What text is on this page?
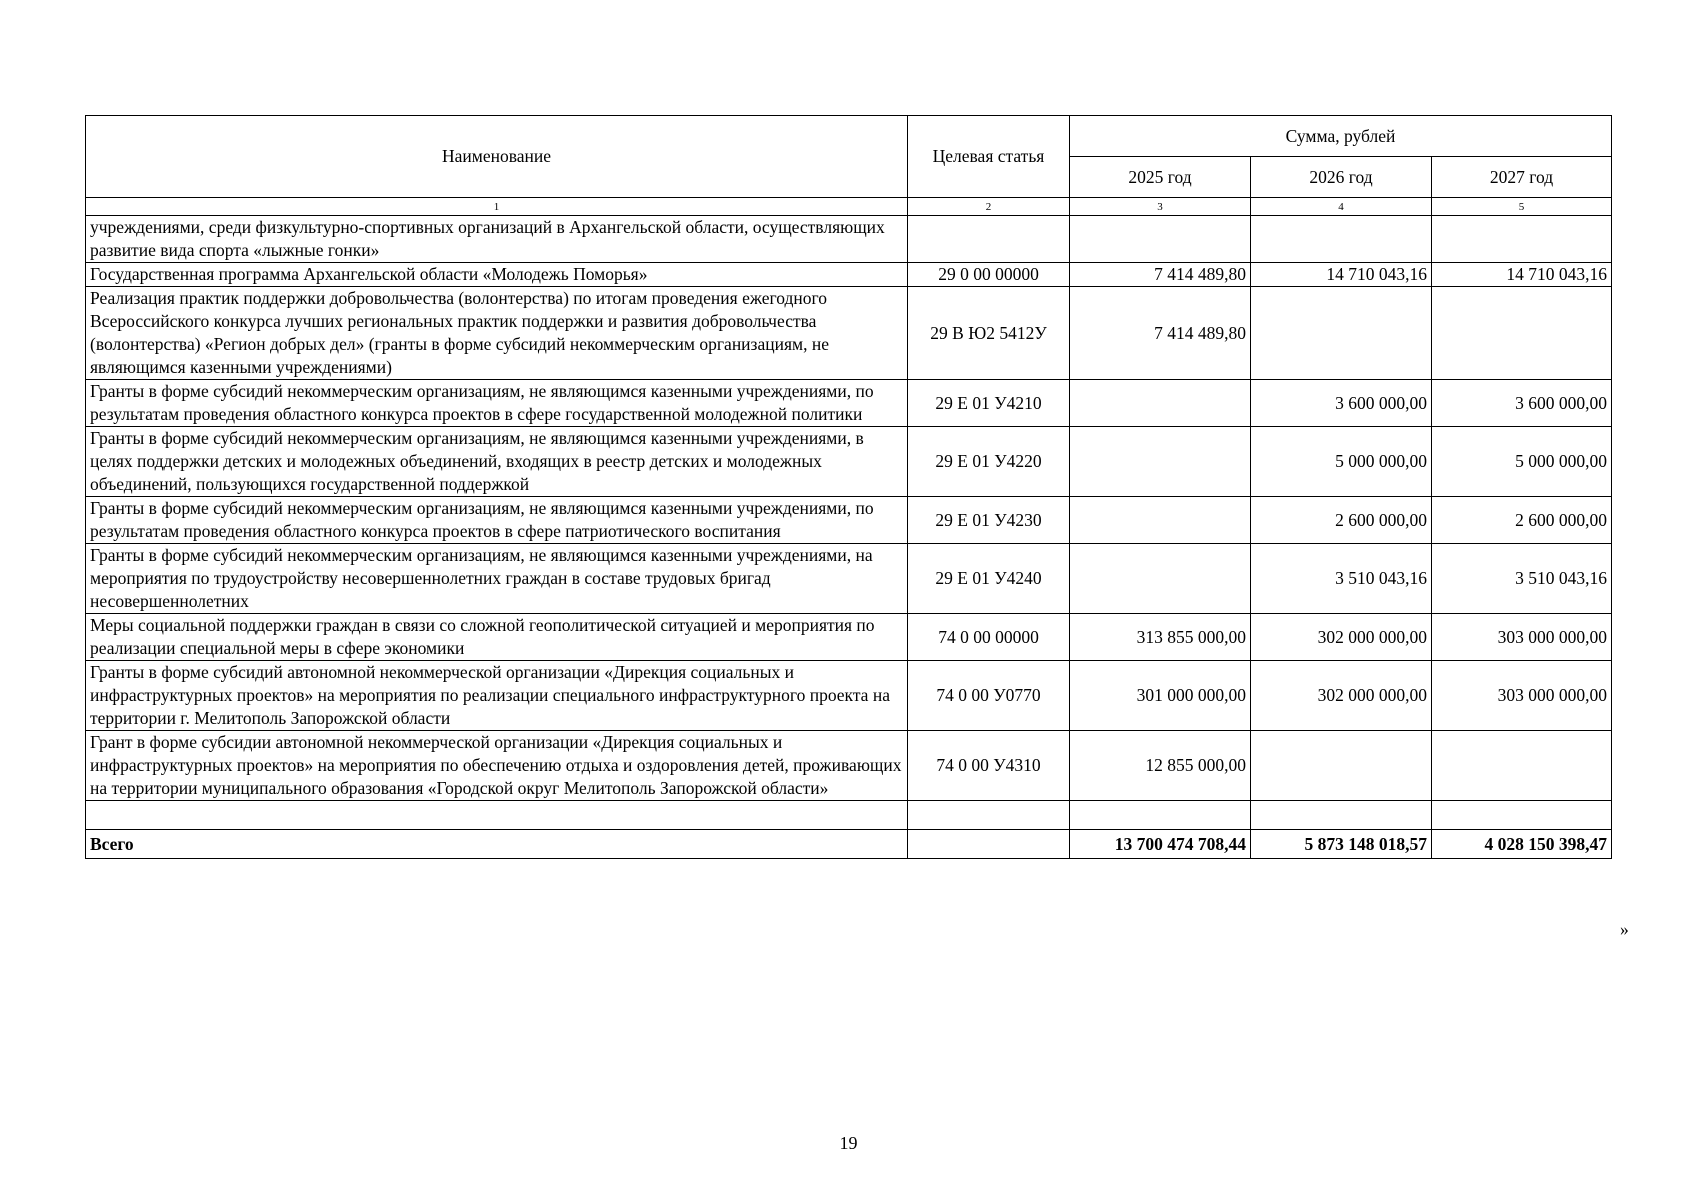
Наименование	Целевая статья	Сумма, рублей		
		2025 год	2026 год	2027 год
1	2	3	4	5
учреждениями, среди физкультурно-спортивных организаций в Архангельской области, осуществляющих развитие вида спорта «лыжные гонки»				
Государственная программа Архангельской области «Молодежь Поморья»	29 0 00 00000	7 414 489,80	14 710 043,16	14 710 043,16
Реализация практик поддержки добровольчества (волонтерства) по итогам проведения ежегодного Всероссийского конкурса лучших региональных практик поддержки и развития добровольчества (волонтерства) «Регион добрых дел» (гранты в форме субсидий некоммерческим организациям, не являющимся казенными учреждениями)	29 В Ю2 5412У	7 414 489,80		
Гранты в форме субсидий некоммерческим организациям, не являющимся казенными учреждениями, по результатам проведения областного конкурса проектов в сфере государственной молодежной политики	29 Е 01 У4210		3 600 000,00	3 600 000,00
Гранты в форме субсидий некоммерческим организациям, не являющимся казенными учреждениями, в целях поддержки детских и молодежных объединений, входящих в реестр детских и молодежных объединений, пользующихся государственной поддержкой	29 Е 01 У4220		5 000 000,00	5 000 000,00
Гранты в форме субсидий некоммерческим организациям, не являющимся казенными учреждениями, по результатам проведения областного конкурса проектов в сфере патриотического воспитания	29 Е 01 У4230		2 600 000,00	2 600 000,00
Гранты в форме субсидий некоммерческим организациям, не являющимся казенными учреждениями, на мероприятия по трудоустройству несовершеннолетних граждан в составе трудовых бригад несовершеннолетних	29 Е 01 У4240		3 510 043,16	3 510 043,16
Меры социальной поддержки граждан в связи со сложной геополитической ситуацией и мероприятия по реализации специальной меры в сфере экономики	74 0 00 00000	313 855 000,00	302 000 000,00	303 000 000,00
Гранты в форме субсидий автономной некоммерческой организации «Дирекция социальных и инфраструктурных проектов» на мероприятия по реализации специального инфраструктурного проекта на территории г. Мелитополь Запорожской области	74 0 00 У0770	301 000 000,00	302 000 000,00	303 000 000,00
Грант в форме субсидии автономной некоммерческой организации «Дирекция социальных и инфраструктурных проектов» на мероприятия по обеспечению отдыха и оздоровления детей, проживающих на территории муниципального образования «Городской округ Мелитополь Запорожской области»	74 0 00 У4310	12 855 000,00		

Всего		13 700 474 708,44	5 873 148 018,57	4 028 150 398,47
»
19
